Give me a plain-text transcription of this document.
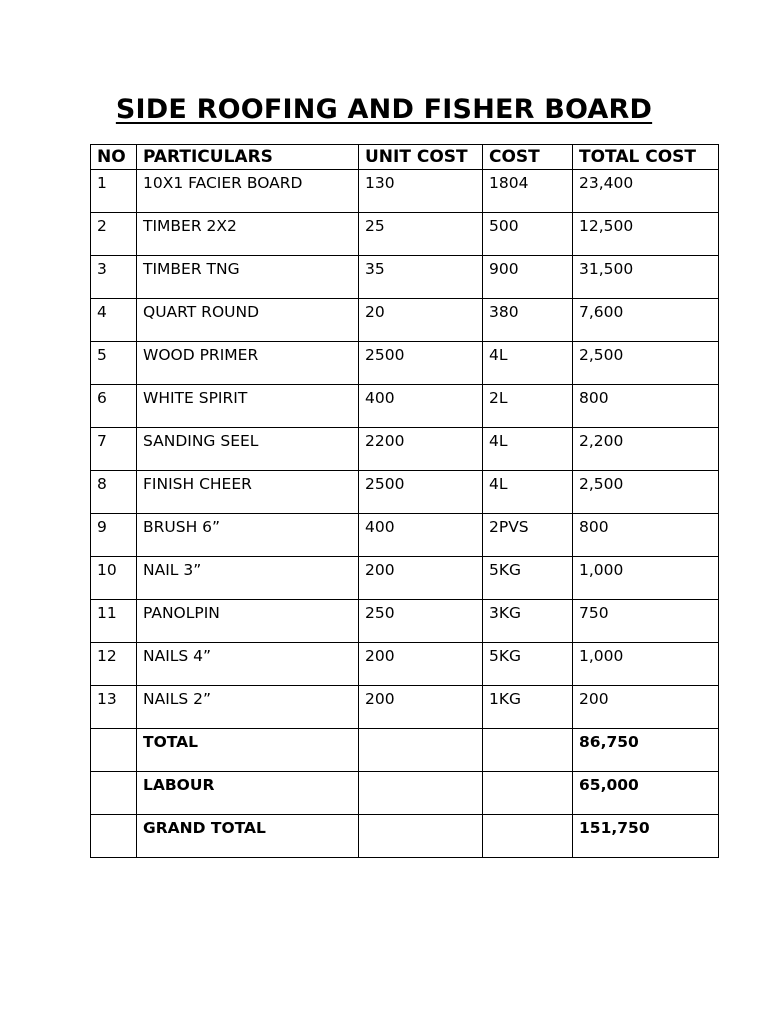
SIDE ROOFING AND FISHER BOARD
NO	PARTICULARS	UNIT COST	COST	TOTAL COST
1	10X1 FACIER BOARD	130	1804	23,400
2	TIMBER 2X2	25	500	12,500
3	TIMBER TNG	35	900	31,500
4	QUART ROUND	20	380	7,600
5	WOOD PRIMER	2500	4L	2,500
6	WHITE SPIRIT	400	2L	800
7	SANDING SEEL	2200	4L	2,200
8	FINISH CHEER	2500	4L	2,500
9	BRUSH 6”	400	2PVS	800
10	NAIL 3”	200	5KG	1,000
11	PANOLPIN	250	3KG	750
12	NAILS 4”	200	5KG	1,000
13	NAILS 2”	200	1KG	200
	TOTAL			86,750
	LABOUR			65,000
	GRAND TOTAL			151,750
